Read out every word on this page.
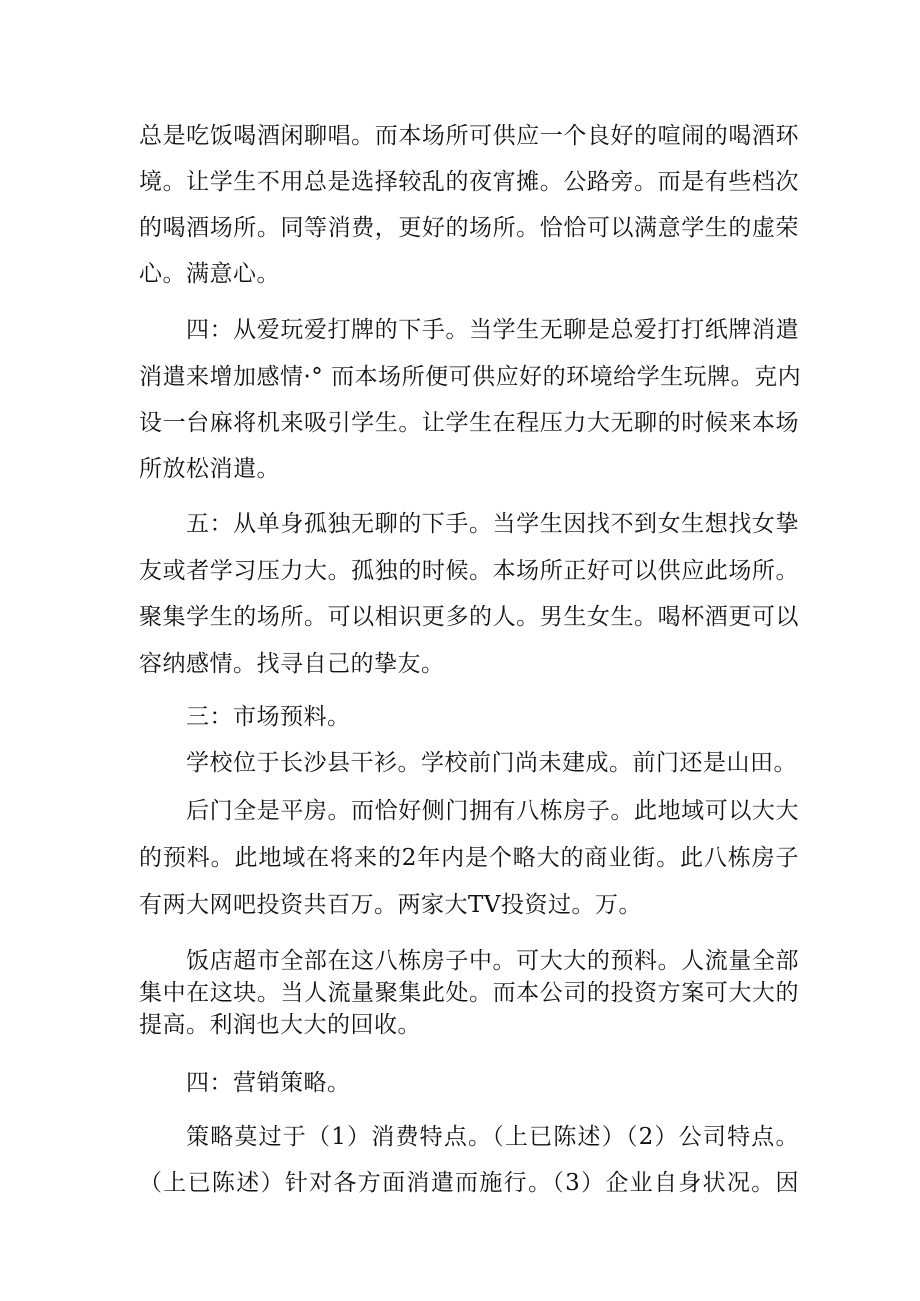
总是吃饭喝酒闲聊唱。而本场所可供应一个良好的喧闹的喝酒环
境。让学生不用总是选择较乱的夜宵摊。公路旁。而是有些档次
的喝酒场所。同等消费，更好的场所。恰恰可以满意学生的虚荣
心。满意心。
四：从爱玩爱打牌的下手。当学生无聊是总爱打打纸牌消遣
消遣来增加感情·° 而本场所便可供应好的环境给学生玩牌。克内
设一台麻将机来吸引学生。让学生在程压力大无聊的时候来本场
所放松消遣。
五：从单身孤独无聊的下手。当学生因找不到女生想找女挚
友或者学习压力大。孤独的时候。本场所正好可以供应此场所。
聚集学生的场所。可以相识更多的人。男生女生。喝杯酒更可以
容纳感情。找寻自己的挚友。
三：市场预料。
学校位于长沙县干衫。学校前门尚未建成。前门还是山田。
后门全是平房。而恰好侧门拥有八栋房子。此地域可以大大
的预料。此地域在将来的2年内是个略大的商业街。此八栋房子
有两大网吧投资共百万。两家大TV投资过。万。
饭店超市全部在这八栋房子中。可大大的预料。人流量全部
集中在这块。当人流量聚集此处。而本公司的投资方案可大大的
提高。利润也大大的回收。
四：营销策略。
策略莫过于（1）消费特点。（上已陈述）（2）公司特点。
（上已陈述）针对各方面消遣而施行。（3）企业自身状况。因
